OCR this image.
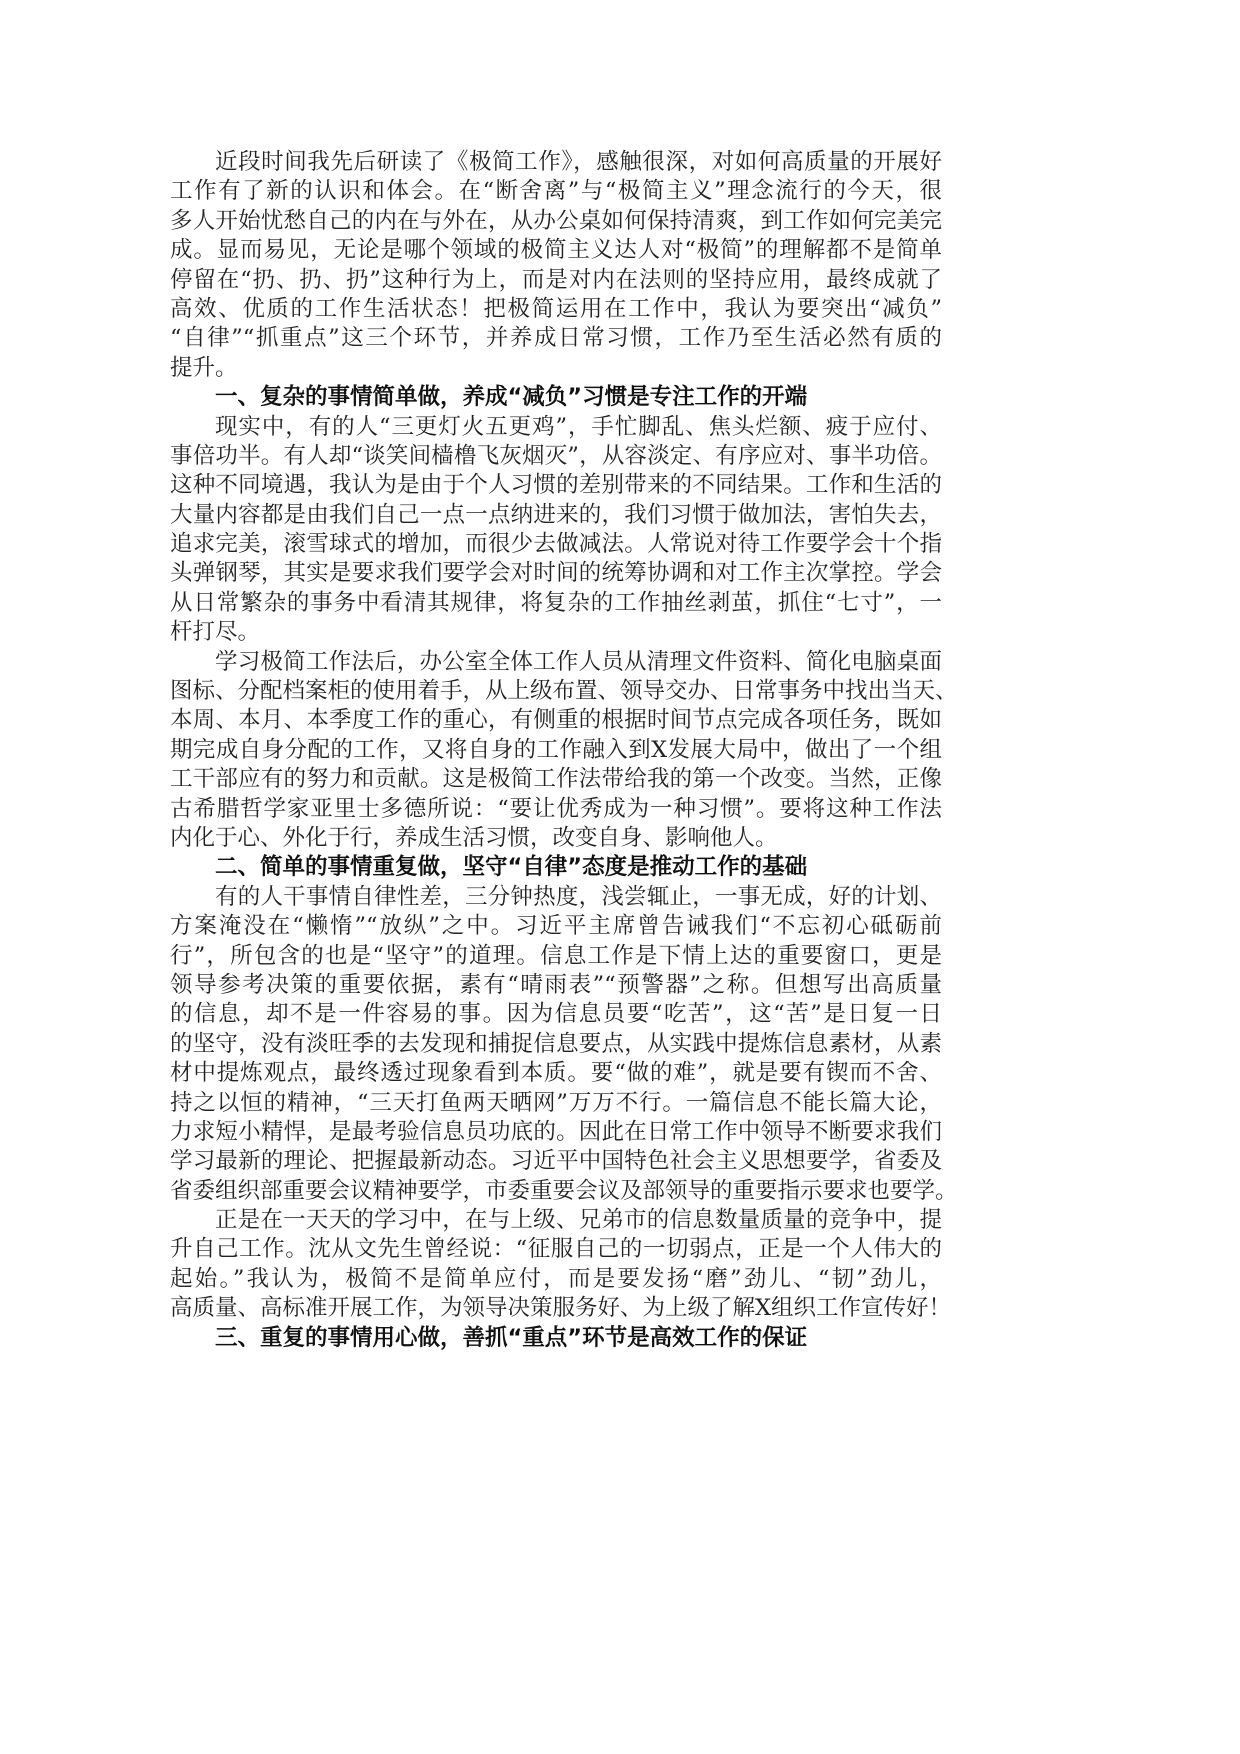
近段时间我先后研读了《极简工作》，感触很深，对如何高质量的开展好
工作有了新的认识和体会。在“断舍离”与“极简主义”理念流行的今天，很
多人开始忧愁自己的内在与外在，从办公桌如何保持清爽，到工作如何完美完
成。显而易见，无论是哪个领域的极简主义达人对“极简”的理解都不是简单
停留在“扔、扔、扔”这种行为上，而是对内在法则的坚持应用，最终成就了
高效、优质的工作生活状态！把极简运用在工作中，我认为要突出“减负”
“自律”“抓重点”这三个环节，并养成日常习惯，工作乃至生活必然有质的
提升。
一、复杂的事情简单做，养成“减负”习惯是专注工作的开端
现实中，有的人“三更灯火五更鸡”，手忙脚乱、焦头烂额、疲于应付、
事倍功半。有人却“谈笑间樯橹飞灰烟灭”，从容淡定、有序应对、事半功倍。
这种不同境遇，我认为是由于个人习惯的差别带来的不同结果。工作和生活的
大量内容都是由我们自己一点一点纳进来的，我们习惯于做加法，害怕失去，
追求完美，滚雪球式的增加，而很少去做减法。人常说对待工作要学会十个指
头弹钢琴，其实是要求我们要学会对时间的统筹协调和对工作主次掌控。学会
从日常繁杂的事务中看清其规律，将复杂的工作抽丝剥茧，抓住“七寸”，一
杆打尽。
学习极简工作法后，办公室全体工作人员从清理文件资料、简化电脑桌面
图标、分配档案柜的使用着手，从上级布置、领导交办、日常事务中找出当天、
本周、本月、本季度工作的重心，有侧重的根据时间节点完成各项任务，既如
期完成自身分配的工作，又将自身的工作融入到X发展大局中，做出了一个组
工干部应有的努力和贡献。这是极简工作法带给我的第一个改变。当然，正像
古希腊哲学家亚里士多德所说：“要让优秀成为一种习惯”。要将这种工作法
内化于心、外化于行，养成生活习惯，改变自身、影响他人。
二、简单的事情重复做，坚守“自律”态度是推动工作的基础
有的人干事情自律性差，三分钟热度，浅尝辄止，一事无成，好的计划、
方案淹没在“懒惰”“放纵”之中。习近平主席曾告诫我们“不忘初心砥砺前
行”，所包含的也是“坚守”的道理。信息工作是下情上达的重要窗口，更是
领导参考决策的重要依据，素有“晴雨表”“预警器”之称。但想写出高质量
的信息，却不是一件容易的事。因为信息员要“吃苦”，这“苦”是日复一日
的坚守，没有淡旺季的去发现和捕捉信息要点，从实践中提炼信息素材，从素
材中提炼观点，最终透过现象看到本质。要“做的难”，就是要有锲而不舍、
持之以恒的精神，“三天打鱼两天晒网”万万不行。一篇信息不能长篇大论，
力求短小精悍，是最考验信息员功底的。因此在日常工作中领导不断要求我们
学习最新的理论、把握最新动态。习近平中国特色社会主义思想要学，省委及
省委组织部重要会议精神要学，市委重要会议及部领导的重要指示要求也要学。
正是在一天天的学习中，在与上级、兄弟市的信息数量质量的竞争中，提
升自己工作。沈从文先生曾经说：“征服自己的一切弱点，正是一个人伟大的
起始。”我认为，极简不是简单应付，而是要发扬“磨”劲儿、“韧”劲儿，
高质量、高标准开展工作，为领导决策服务好、为上级了解X组织工作宣传好！
三、重复的事情用心做，善抓“重点”环节是高效工作的保证
